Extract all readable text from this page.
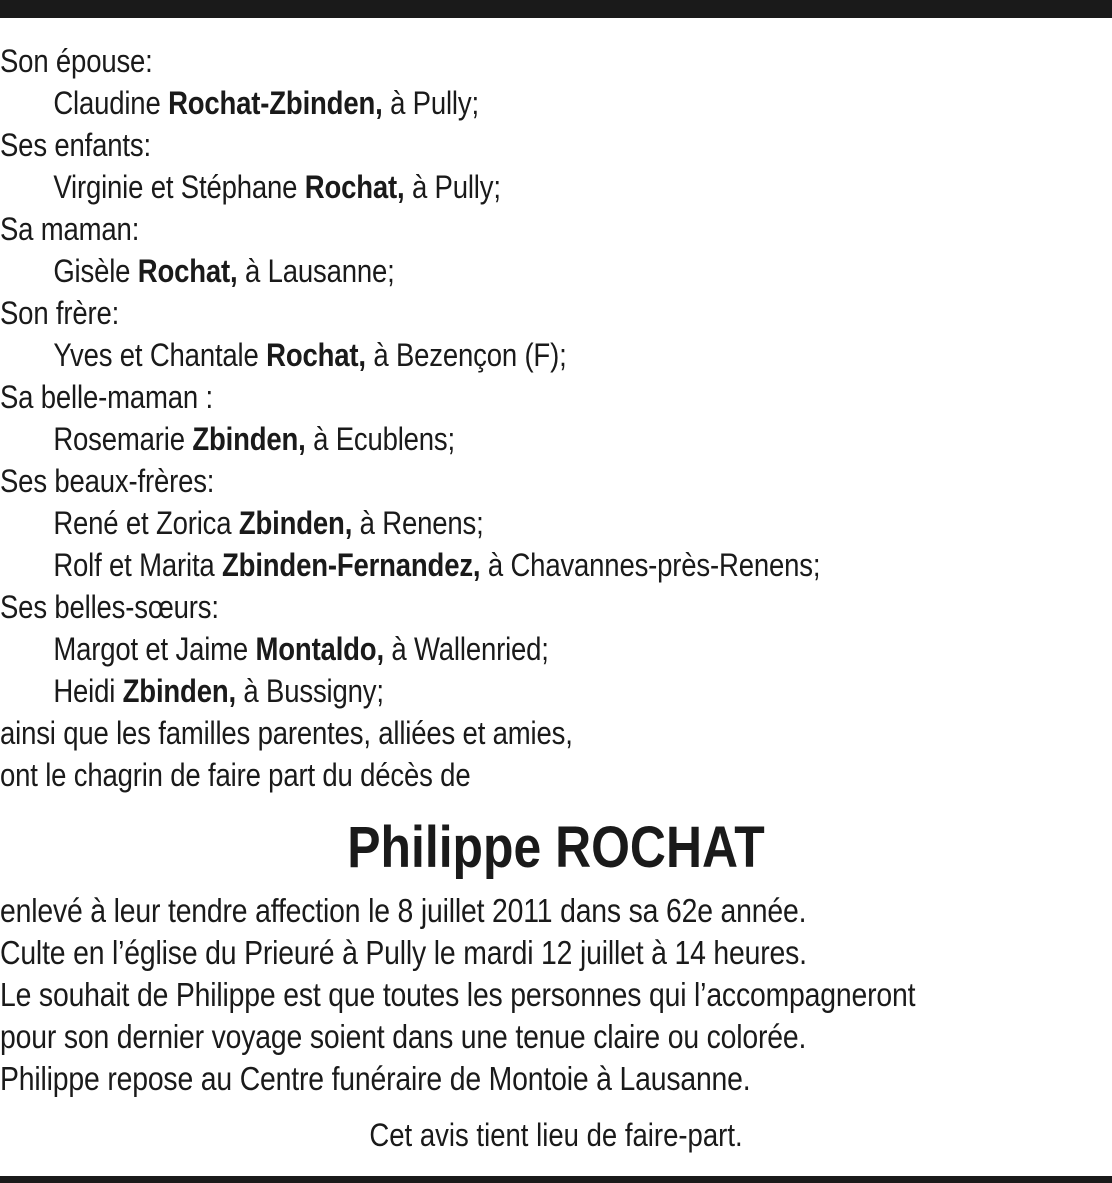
Son épouse:
Claudine Rochat-Zbinden, à Pully;
Ses enfants:
Virginie et Stéphane Rochat, à Pully;
Sa maman:
Gisèle Rochat, à Lausanne;
Son frère:
Yves et Chantale Rochat, à Bezençon (F);
Sa belle-maman :
Rosemarie Zbinden, à Ecublens;
Ses beaux-frères:
René et Zorica Zbinden, à Renens;
Rolf et Marita Zbinden-Fernandez, à Chavannes-près-Renens;
Ses belles-sœurs:
Margot et Jaime Montaldo, à Wallenried;
Heidi Zbinden, à Bussigny;
ainsi que les familles parentes, alliées et amies,
ont le chagrin de faire part du décès de
Philippe ROCHAT
enlevé à leur tendre affection le 8 juillet 2011 dans sa 62e année.
Culte en l’église du Prieuré à Pully le mardi 12 juillet à 14 heures.
Le souhait de Philippe est que toutes les personnes qui l’accompagneront
pour son dernier voyage soient dans une tenue claire ou colorée.
Philippe repose au Centre funéraire de Montoie à Lausanne.
Cet avis tient lieu de faire-part.
